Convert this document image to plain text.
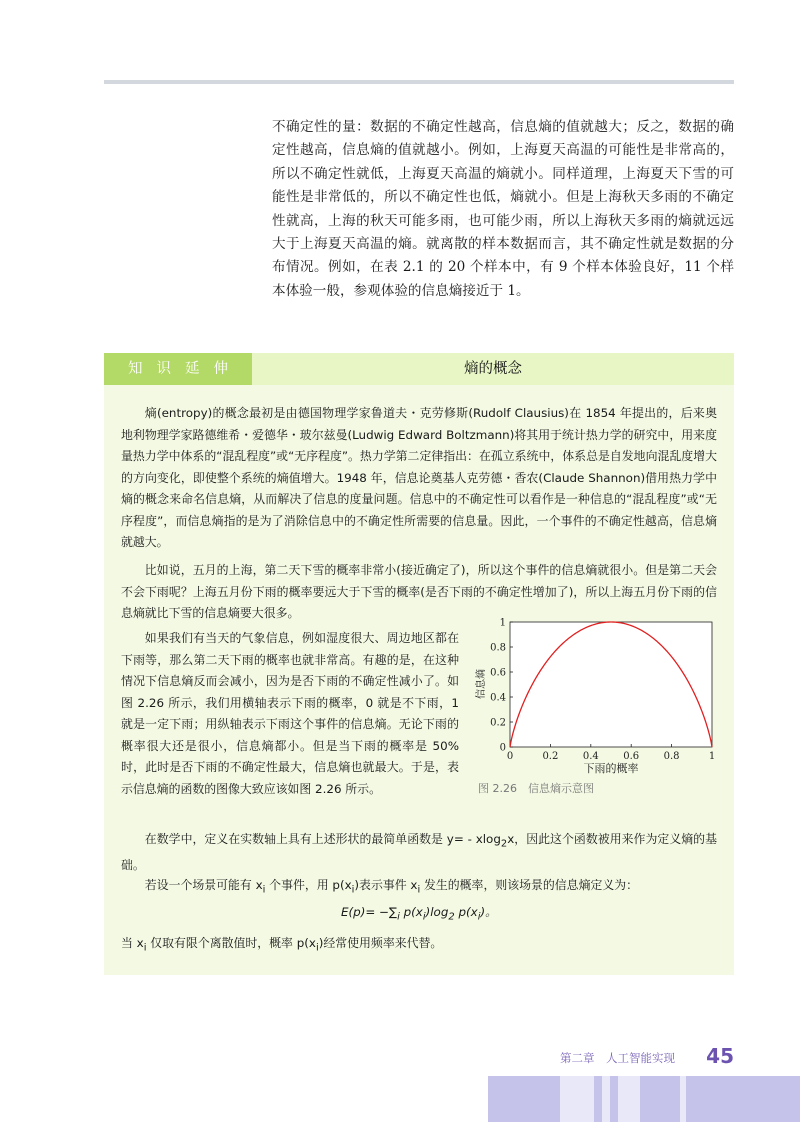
不确定性的量：数据的不确定性越高，信息熵的值就越大；反之，数据的确定性越高，信息熵的值就越小。例如，上海夏天高温的可能性是非常高的，所以不确定性就低，上海夏天高温的熵就小。同样道理，上海夏天下雪的可能性是非常低的，所以不确定性也低，熵就小。但是上海秋天多雨的不确定性就高，上海的秋天可能多雨，也可能少雨，所以上海秋天多雨的熵就远远大于上海夏天高温的熵。就离散的样本数据而言，其不确定性就是数据的分布情况。例如，在表 2.1 的 20 个样本中，有 9 个样本体验良好，11 个样本体验一般，参观体验的信息熵接近于 1。

知识延伸	熵的概念

熵(entropy)的概念最初是由德国物理学家鲁道夫・克劳修斯(Rudolf Clausius)在 1854 年提出的，后来奥地利物理学家路德维希・爱德华・玻尔兹曼(Ludwig Edward Boltzmann)将其用于统计热力学的研究中，用来度量热力学中体系的“混乱程度”或“无序程度”。热力学第二定律指出：在孤立系统中，体系总是自发地向混乱度增大的方向变化，即使整个系统的熵值增大。1948 年，信息论奠基人克劳德・香农(Claude Shannon)借用热力学中熵的概念来命名信息熵，从而解决了信息的度量问题。信息中的不确定性可以看作是一种信息的“混乱程度”或“无序程度”，而信息熵指的是为了消除信息中的不确定性所需要的信息量。因此，一个事件的不确定性越高，信息熵就越大。

比如说，五月的上海，第二天下雪的概率非常小(接近确定了)，所以这个事件的信息熵就很小。但是第二天会不会下雨呢？上海五月份下雨的概率要远大于下雪的概率(是否下雨的不确定性增加了)，所以上海五月份下雨的信息熵就比下雪的信息熵要大很多。

如果我们有当天的气象信息，例如湿度很大、周边地区都在下雨等，那么第二天下雨的概率也就非常高。有趣的是，在这种情况下信息熵反而会减小，因为是否下雨的不确定性减小了。如图 2.26 所示，我们用横轴表示下雨的概率，0 就是不下雨，1 就是一定下雨；用纵轴表示下雨这个事件的信息熵。无论下雨的概率很大还是很小，信息熵都小。但是当下雨的概率是 50% 时，此时是否下雨的不确定性最大，信息熵也就最大。于是，表示信息熵的函数的图像大致应该如图 2.26 所示。

0	0.2 0.4 0.6 0.8	1
0
0.2
0.4
0.6
0.8
1
下雨的概率
信息熵
图 2.26　信息熵示意图

在数学中，定义在实数轴上具有上述形状的最简单函数是 y= - xlog$_2$x，因此这个函数被用来作为定义熵的基础。

若设一个场景可能有 $x_i$ 个事件，用 $p(x_i)$表示事件 $x_i$ 发生的概率，则该场景的信息熵定义为：

$E(p)= -\sum_i$ $p(x_i)\log_2$ $p(x_i)$。

当 $x_i$ 仅取有限个离散值时，概率 $p(x_i)$经常使用频率来代替。

第二章　人工智能实现	45
